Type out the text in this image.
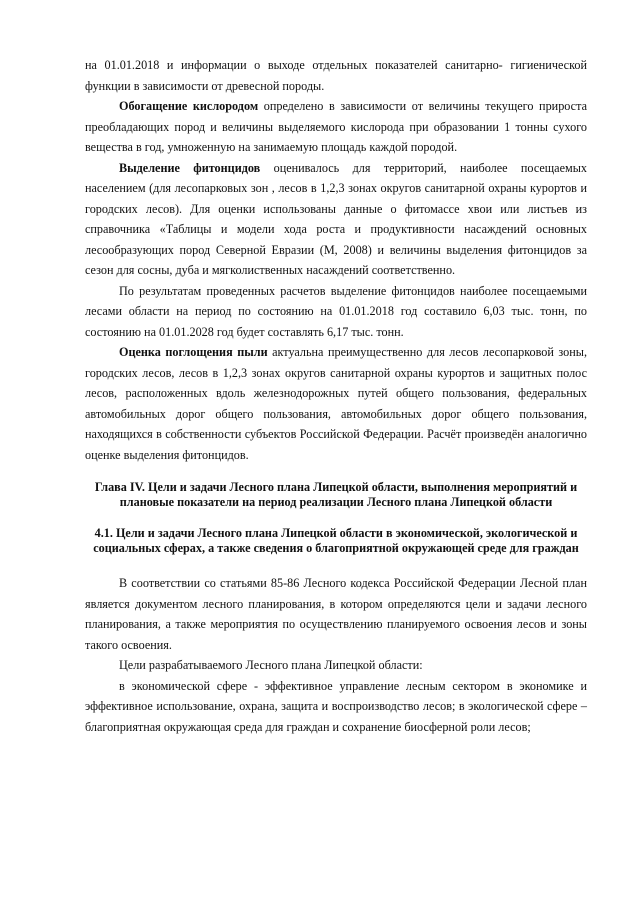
на 01.01.2018 и информации о выходе отдельных показателей санитарно- гигиенической функции в зависимости от древесной породы.

Обогащение кислородом определено в зависимости от величины текущего прироста преобладающих пород и величины выделяемого кислорода при образовании 1 тонны сухого вещества в год, умноженную на занимаемую площадь каждой породой.

Выделение фитонцидов оценивалось для территорий, наиболее посещаемых населением (для лесопарковых зон , лесов в 1,2,3 зонах округов санитарной охраны курортов и городских лесов). Для оценки использованы данные о фитомассе хвои или листьев из справочника «Таблицы и модели хода роста и продуктивности насаждений основных лесообразующих пород Северной Евразии (М, 2008) и величины выделения фитонцидов за сезон для сосны, дуба и мягколиственных насаждений соответственно.

По результатам проведенных расчетов выделение фитонцидов наиболее посещаемыми лесами области на период по состоянию на 01.01.2018 год составило 6,03 тыс. тонн, по состоянию на 01.01.2028 год будет составлять 6,17 тыс. тонн.

Оценка поглощения пыли актуальна преимущественно для лесов лесопарковой зоны, городских лесов, лесов в 1,2,3 зонах округов санитарной охраны курортов и защитных полос лесов, расположенных вдоль железнодорожных путей общего пользования, федеральных автомобильных дорог общего пользования, автомобильных дорог общего пользования, находящихся в собственности субъектов Российской Федерации. Расчёт произведён аналогично оценке выделения фитонцидов.

Глава IV. Цели и задачи Лесного плана Липецкой области, выполнения мероприятий и плановые показатели на период реализации Лесного плана Липецкой области
4.1. Цели и задачи Лесного плана Липецкой области в экономической, экологической и социальных сферах, а также сведения о благоприятной окружающей среде для граждан

В соответствии со статьями 85-86 Лесного кодекса Российской Федерации Лесной план является документом лесного планирования, в котором определяются цели и задачи лесного планирования, а также мероприятия по осуществлению планируемого освоения лесов и зоны такого освоения.

Цели разрабатываемого Лесного плана Липецкой области:

в экономической сфере - эффективное управление лесным сектором в экономике и эффективное использование, охрана, защита и воспроизводство лесов; в экологической сфере – благоприятная окружающая среда для граждан и сохранение биосферной роли лесов;
